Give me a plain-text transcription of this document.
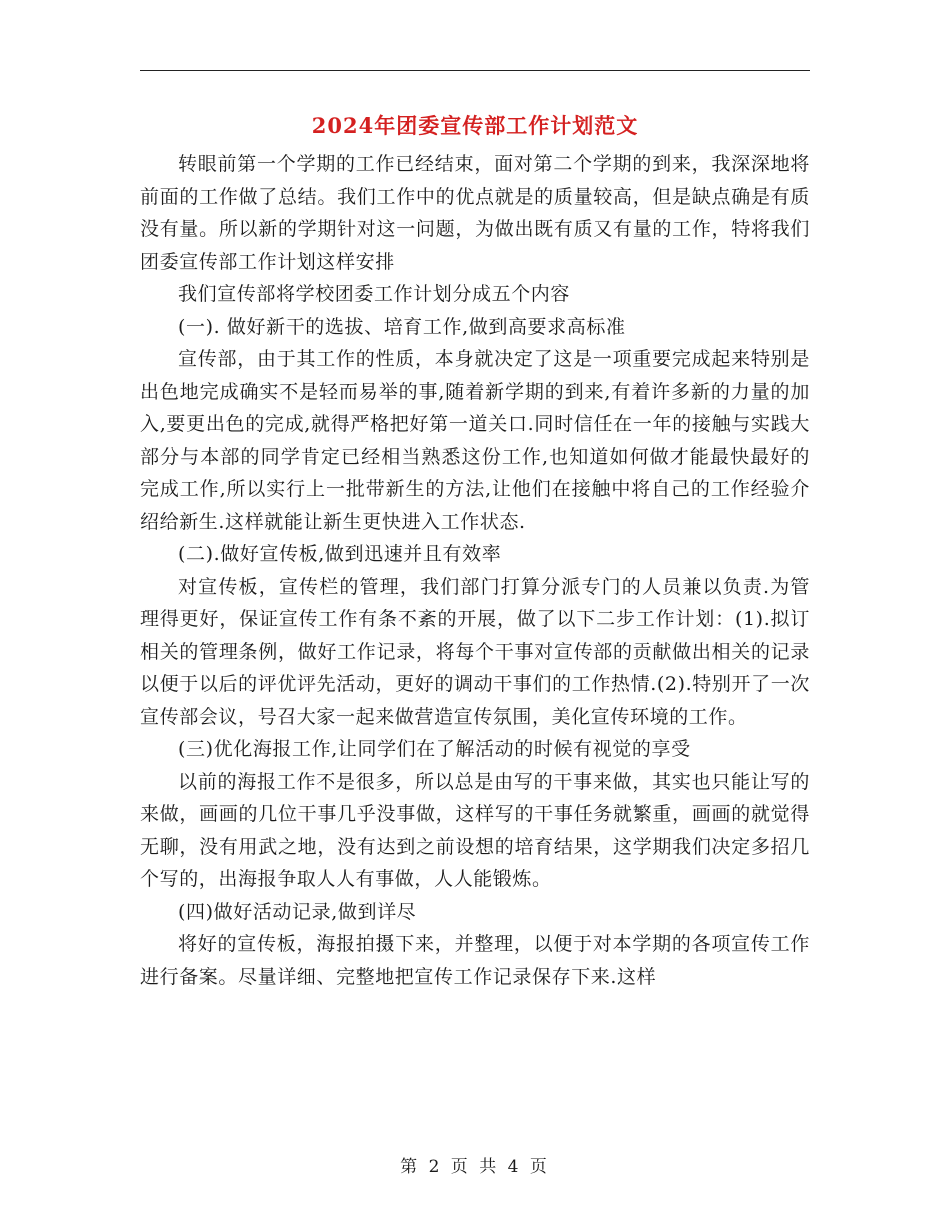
2024年团委宣传部工作计划范文

转眼前第一个学期的工作已经结束，面对第二个学期的到来，我深深地将前面的工作做了总结。我们工作中的优点就是的质量较高，但是缺点确是有质没有量。所以新的学期针对这一问题，为做出既有质又有量的工作，特将我们团委宣传部工作计划这样安排

我们宣传部将学校团委工作计划分成五个内容

(一). 做好新干的选拔、培育工作,做到高要求高标准

宣传部，由于其工作的性质，本身就决定了这是一项重要完成起来特别是出色地完成确实不是轻而易举的事,随着新学期的到来,有着许多新的力量的加入,要更出色的完成,就得严格把好第一道关口.同时信任在一年的接触与实践大部分与本部的同学肯定已经相当熟悉这份工作,也知道如何做才能最快最好的完成工作,所以实行上一批带新生的方法,让他们在接触中将自己的工作经验介绍给新生.这样就能让新生更快进入工作状态.

(二).做好宣传板,做到迅速并且有效率

对宣传板，宣传栏的管理，我们部门打算分派专门的人员兼以负责.为管理得更好，保证宣传工作有条不紊的开展，做了以下二步工作计划：(1).拟订相关的管理条例，做好工作记录，将每个干事对宣传部的贡献做出相关的记录以便于以后的评优评先活动，更好的调动干事们的工作热情.(2).特别开了一次宣传部会议，号召大家一起来做营造宣传氛围，美化宣传环境的工作。

(三)优化海报工作,让同学们在了解活动的时候有视觉的享受

以前的海报工作不是很多，所以总是由写的干事来做，其实也只能让写的来做，画画的几位干事几乎没事做，这样写的干事任务就繁重，画画的就觉得无聊，没有用武之地，没有达到之前设想的培育结果，这学期我们决定多招几个写的，出海报争取人人有事做，人人能锻炼。

(四)做好活动记录,做到详尽

将好的宣传板，海报拍摄下来，并整理，以便于对本学期的各项宣传工作进行备案。尽量详细、完整地把宣传工作记录保存下来.这样

第 2 页 共 4 页
